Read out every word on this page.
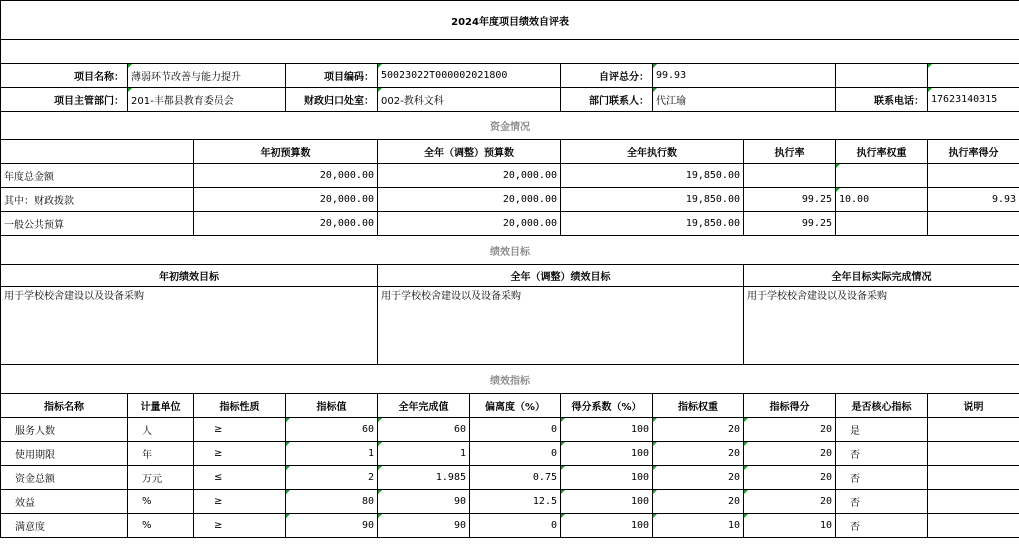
2024年度项目绩效自评表										

项目名称：	薄弱环节改善与能力提升		项目编码：	50023022T000002021800		自评总分：	99.93			
项目主管部门：	201-丰都县教育委员会		财政归口处室：	002-教科文科		部门联系人：	代江瑜		联系电话：	17623140315
资金情况										
		年初预算数		全年（调整）预算数		全年执行数		执行率	执行率权重	执行率得分
年度总金额		20,000.00		20,000.00		19,850.00				
其中：财政拨款		20,000.00		20,000.00		19,850.00		99.25	10.00	9.93
一般公共预算		20,000.00		20,000.00		19,850.00		99.25		
绩效目标										
年初绩效目标				全年（调整）绩效目标				全年目标实际完成情况		
用于学校校舍建设以及设备采购				用于学校校舍建设以及设备采购				用于学校校舍建设以及设备采购		
绩效指标										
指标名称	计量单位	指标性质	指标值	全年完成值	偏离度（%）	得分系数（%）	指标权重	指标得分	是否核心指标	说明
服务人数	人	≥	60	60	0	100	20	20	是	
使用期限	年	≥	1	1	0	100	20	20	否	
资金总额	万元	≤	2	1.985	0.75	100	20	20	否	
效益	%	≥	80	90	12.5	100	20	20	否	
满意度	%	≥	90	90	0	100	10	10	否	
